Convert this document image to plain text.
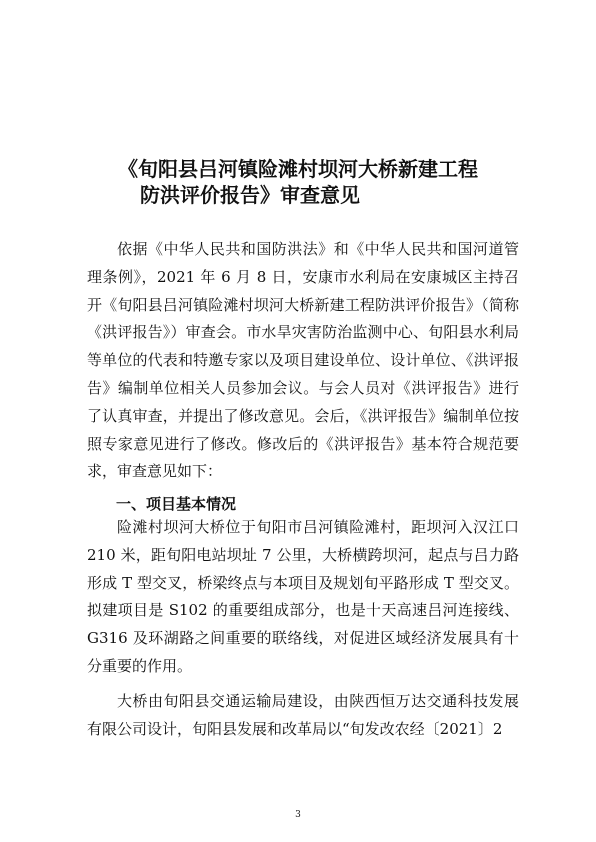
《旬阳县吕河镇险滩村坝河大桥新建工程
防洪评价报告》审查意见

依据《中华人民共和国防洪法》和《中华人民共和国河道管理条例》，2021 年 6 月 8 日，安康市水利局在安康城区主持召开《旬阳县吕河镇险滩村坝河大桥新建工程防洪评价报告》（简称《洪评报告》）审查会。市水旱灾害防治监测中心、旬阳县水利局等单位的代表和特邀专家以及项目建设单位、设计单位、《洪评报告》编制单位相关人员参加会议。与会人员对《洪评报告》进行了认真审查，并提出了修改意见。会后，《洪评报告》编制单位按照专家意见进行了修改。修改后的《洪评报告》基本符合规范要求，审查意见如下：

一、项目基本情况

险滩村坝河大桥位于旬阳市吕河镇险滩村，距坝河入汉江口 210 米，距旬阳电站坝址 7 公里，大桥横跨坝河，起点与吕力路形成 T 型交叉，桥梁终点与本项目及规划旬平路形成 T 型交叉。拟建项目是 S102 的重要组成部分，也是十天高速吕河连接线、G316 及环湖路之间重要的联络线，对促进区域经济发展具有十分重要的作用。

大桥由旬阳县交通运输局建设，由陕西恒万达交通科技发展有限公司设计，旬阳县发展和改革局以“旬发改农经〔2021〕2

3
